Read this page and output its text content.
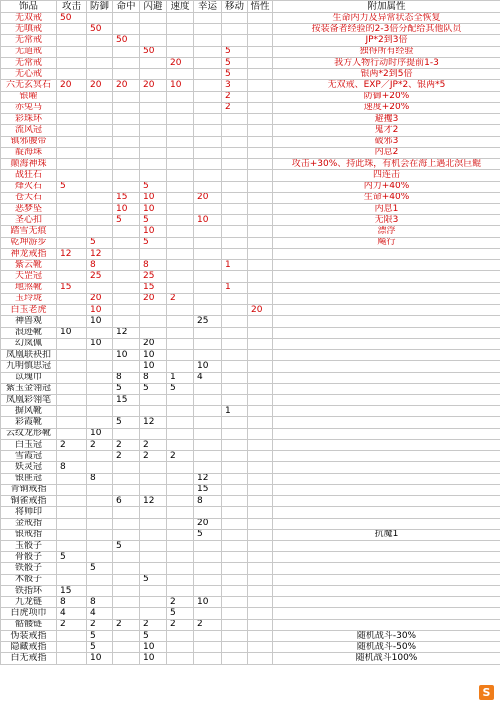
饰品	攻击	防御	命中	闪避	速度	幸运	移动	悟性	附加属性
无双戒	50								生命内力及异常状态全恢复
无嗔戒		50							按装备者经验的2-3倍分配给其他队员
无常戒			50						JP*2到3倍
无道戒				50			5		独得所有经验
无常戒					20		5		我方人物行动时序提前1-3
无心戒							5		银两*2到5倍
六无玄冥石	20	20	20	20	10		3		无双戒、EXP／JP*2、银两*5
银曜							2		防御+20%
赤兔马							2		速度+20%
彩珠环									避攫3
流风冠									鬼才2
镇邪腰带									破邪3
靛海珠									内息2
颠海神珠									攻击+30%、持此珠，有机会在海上遇北溟巨鲲
战狂石									四连击
烽火石	5			5					内力+40%
苍天石			15	10		20			生命+40%
恶梦坠			10	10					内息1
圣心扣			5	5		10			无限3
踏雪无痕				10					漂浮
乾坤游步		5		5					飚行
神龙戒指	12	12							
紫云靴		8		8			1		
天罡冠		25		25					
地煞靴	15			15			1		
玉玲珑		20		20	2				
白玉老虎		10						20	
神兽观		10				25			
浪迹靴	10		12						
幻岚佩		10		20					
凤凰联袂扣			10	10					
九明慎思冠				10		10			
苡瑰巾			8	8	1	4			
紫玉金翎冠			5	5	5				
凤凰彩翎笔			15						
摒风靴							1		
彩霞靴			5	12					
云纹龙形靴		10							
白玉冠	2	2	2	2					
雪霞冠			2	2	2				
妖灵冠	8								
银匪冠		8				12			
青铜戒指						15			
铜雀戒指			6	12		8			
将帅印									
金戒指						20			
银戒指						5			抗魔1
玉骰子			5						
骨骰子	5								
铁骰子		5							
木骰子				5					
铁指环	15								
九龙链	8	8			2	10			
白虎项巾	4	4			5				
骷髅链	2	2	2	2	2	2			
伪装戒指		5		5					随机战斗-30%
隐藏戒指		5		10					随机战斗-50%
白无戒指		10		10					随机战斗100%
S
